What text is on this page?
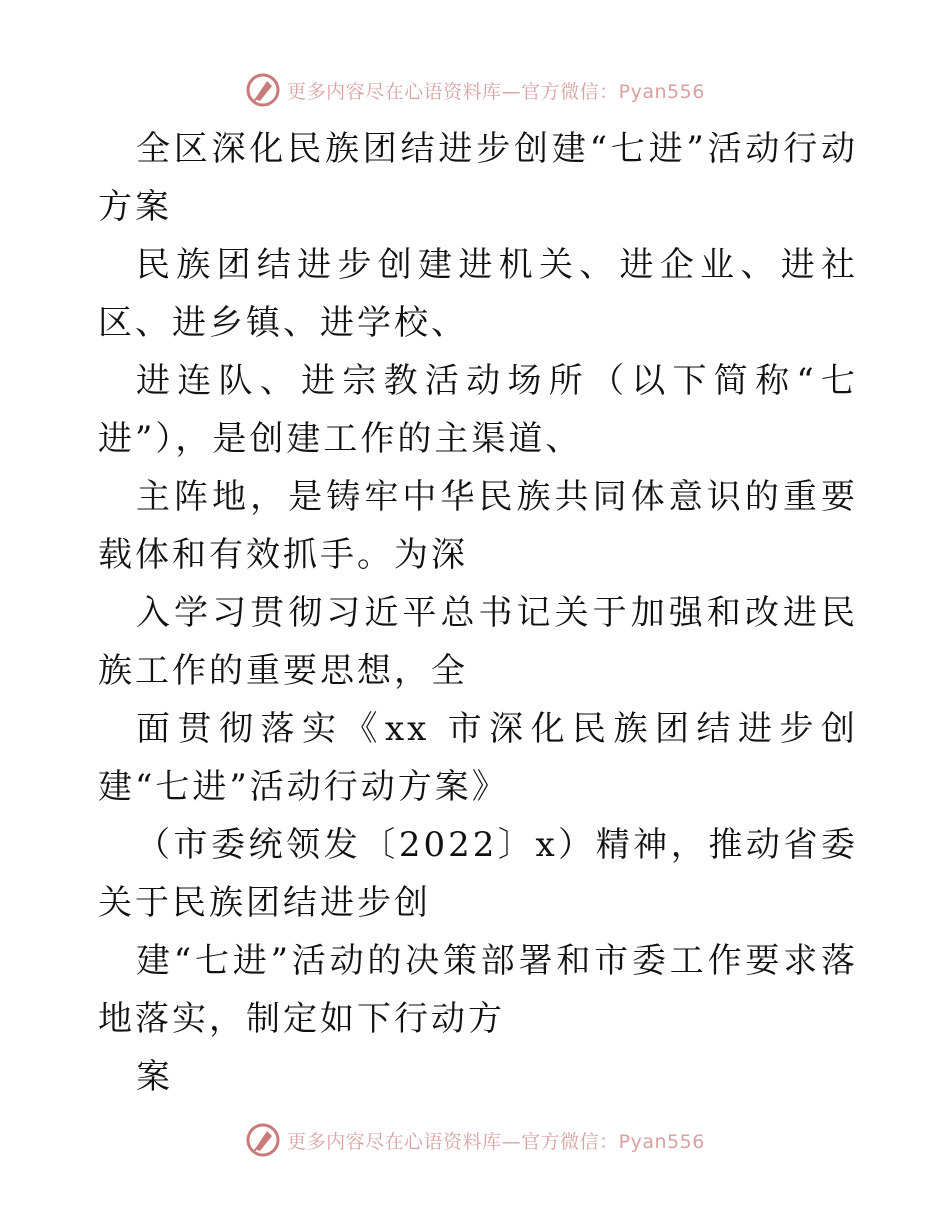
更多内容尽在心语资料库—官方微信：Pyan556

全区深化民族团结进步创建“七进”活动行动方案

民族团结进步创建进机关、进企业、进社区、进乡镇、进学校、

进连队、进宗教活动场所（以下简称“七进”），是创建工作的主渠道、

主阵地，是铸牢中华民族共同体意识的重要载体和有效抓手。为深

入学习贯彻习近平总书记关于加强和改进民族工作的重要思想，全

面贯彻落实《xx 市深化民族团结进步创建“七进”活动行动方案》

（市委统领发〔2022〕x）精神，推动省委关于民族团结进步创

建“七进”活动的决策部署和市委工作要求落地落实，制定如下行动方

案

更多内容尽在心语资料库—官方微信：Pyan556
